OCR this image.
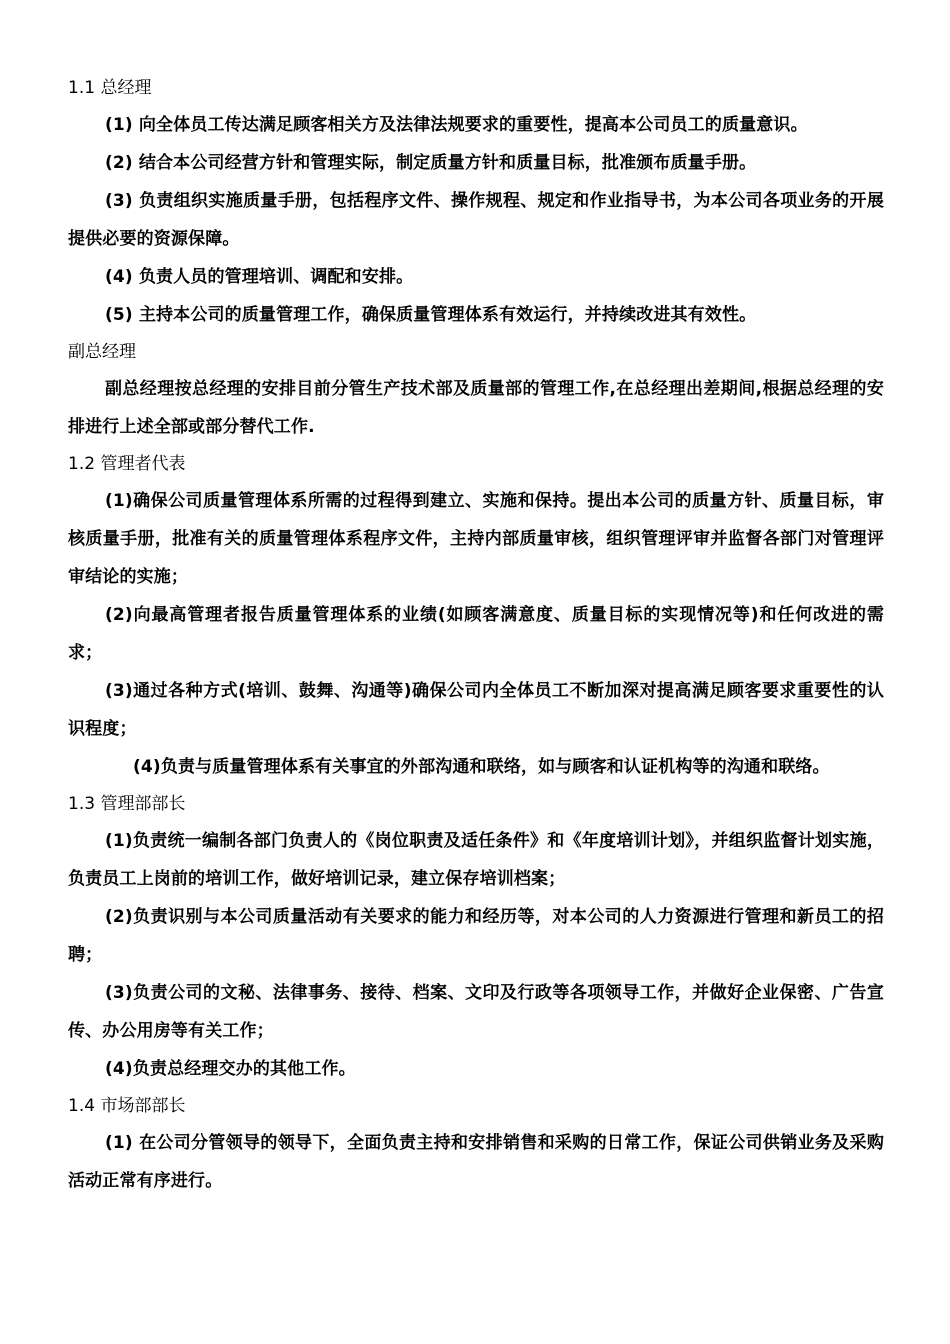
1.1 总经理
(1) 向全体员工传达满足顾客相关方及法律法规要求的重要性，提高本公司员工的质量意识。
(2) 结合本公司经营方针和管理实际，制定质量方针和质量目标，批准颁布质量手册。
(3) 负责组织实施质量手册，包括程序文件、操作规程、规定和作业指导书，为本公司各项业务的开展提供必要的资源保障。
(4) 负责人员的管理培训、调配和安排。
(5) 主持本公司的质量管理工作，确保质量管理体系有效运行，并持续改进其有效性。
副总经理
副总经理按总经理的安排目前分管生产技术部及质量部的管理工作,在总经理出差期间,根据总经理的安排进行上述全部或部分替代工作.
1.2 管理者代表
(1)确保公司质量管理体系所需的过程得到建立、实施和保持。提出本公司的质量方针、质量目标，审核质量手册，批准有关的质量管理体系程序文件，主持内部质量审核，组织管理评审并监督各部门对管理评审结论的实施；
(2)向最高管理者报告质量管理体系的业绩(如顾客满意度、质量目标的实现情况等)和任何改进的需求；
(3)通过各种方式(培训、鼓舞、沟通等)确保公司内全体员工不断加深对提高满足顾客要求重要性的认识程度；
(4)负责与质量管理体系有关事宜的外部沟通和联络，如与顾客和认证机构等的沟通和联络。
1.3 管理部部长
(1)负责统一编制各部门负责人的《岗位职责及适任条件》和《年度培训计划》，并组织监督计划实施，负责员工上岗前的培训工作，做好培训记录，建立保存培训档案；
(2)负责识别与本公司质量活动有关要求的能力和经历等，对本公司的人力资源进行管理和新员工的招聘；
(3)负责公司的文秘、法律事务、接待、档案、文印及行政等各项领导工作，并做好企业保密、广告宣传、办公用房等有关工作；
(4)负责总经理交办的其他工作。
1.4 市场部部长
(1) 在公司分管领导的领导下，全面负责主持和安排销售和采购的日常工作，保证公司供销业务及采购活动正常有序进行。
